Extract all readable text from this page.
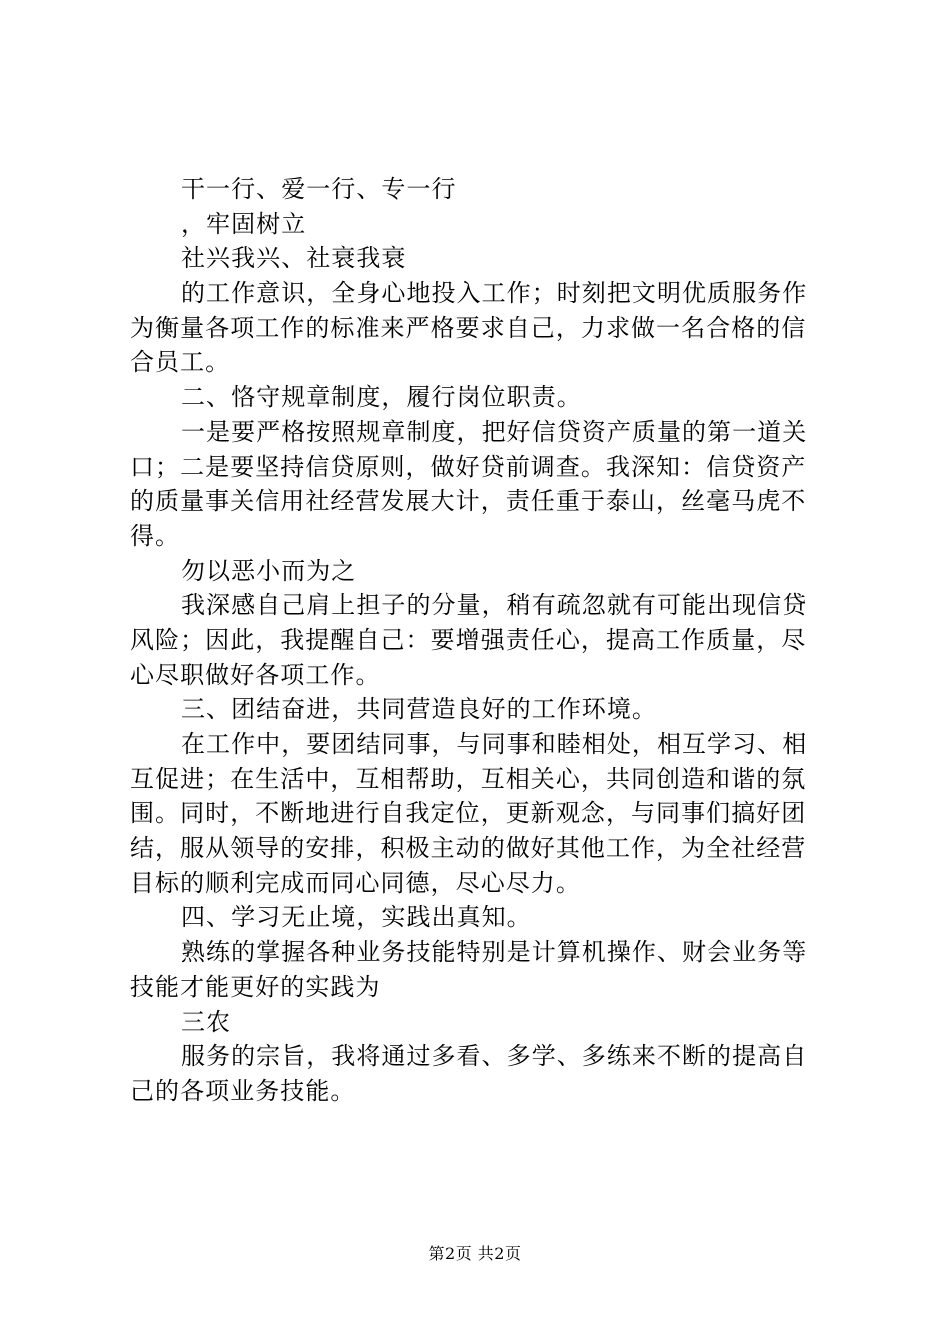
干一行、爱一行、专一行
，牢固树立
社兴我兴、社衰我衰
的工作意识，全身心地投入工作；时刻把文明优质服务作
为衡量各项工作的标准来严格要求自己，力求做一名合格的信
合员工。
二、恪守规章制度，履行岗位职责。
一是要严格按照规章制度，把好信贷资产质量的第一道关
口；二是要坚持信贷原则，做好贷前调查。我深知：信贷资产
的质量事关信用社经营发展大计，责任重于泰山，丝毫马虎不
得。
勿以恶小而为之
我深感自己肩上担子的分量，稍有疏忽就有可能出现信贷
风险；因此，我提醒自己：要增强责任心，提高工作质量，尽
心尽职做好各项工作。
三、团结奋进，共同营造良好的工作环境。
在工作中，要团结同事，与同事和睦相处，相互学习、相
互促进；在生活中，互相帮助，互相关心，共同创造和谐的氛
围。同时，不断地进行自我定位，更新观念，与同事们搞好团
结，服从领导的安排，积极主动的做好其他工作，为全社经营
目标的顺利完成而同心同德，尽心尽力。
四、学习无止境，实践出真知。
熟练的掌握各种业务技能特别是计算机操作、财会业务等
技能才能更好的实践为
三农
服务的宗旨，我将通过多看、多学、多练来不断的提高自
己的各项业务技能。
第2页 共2页
